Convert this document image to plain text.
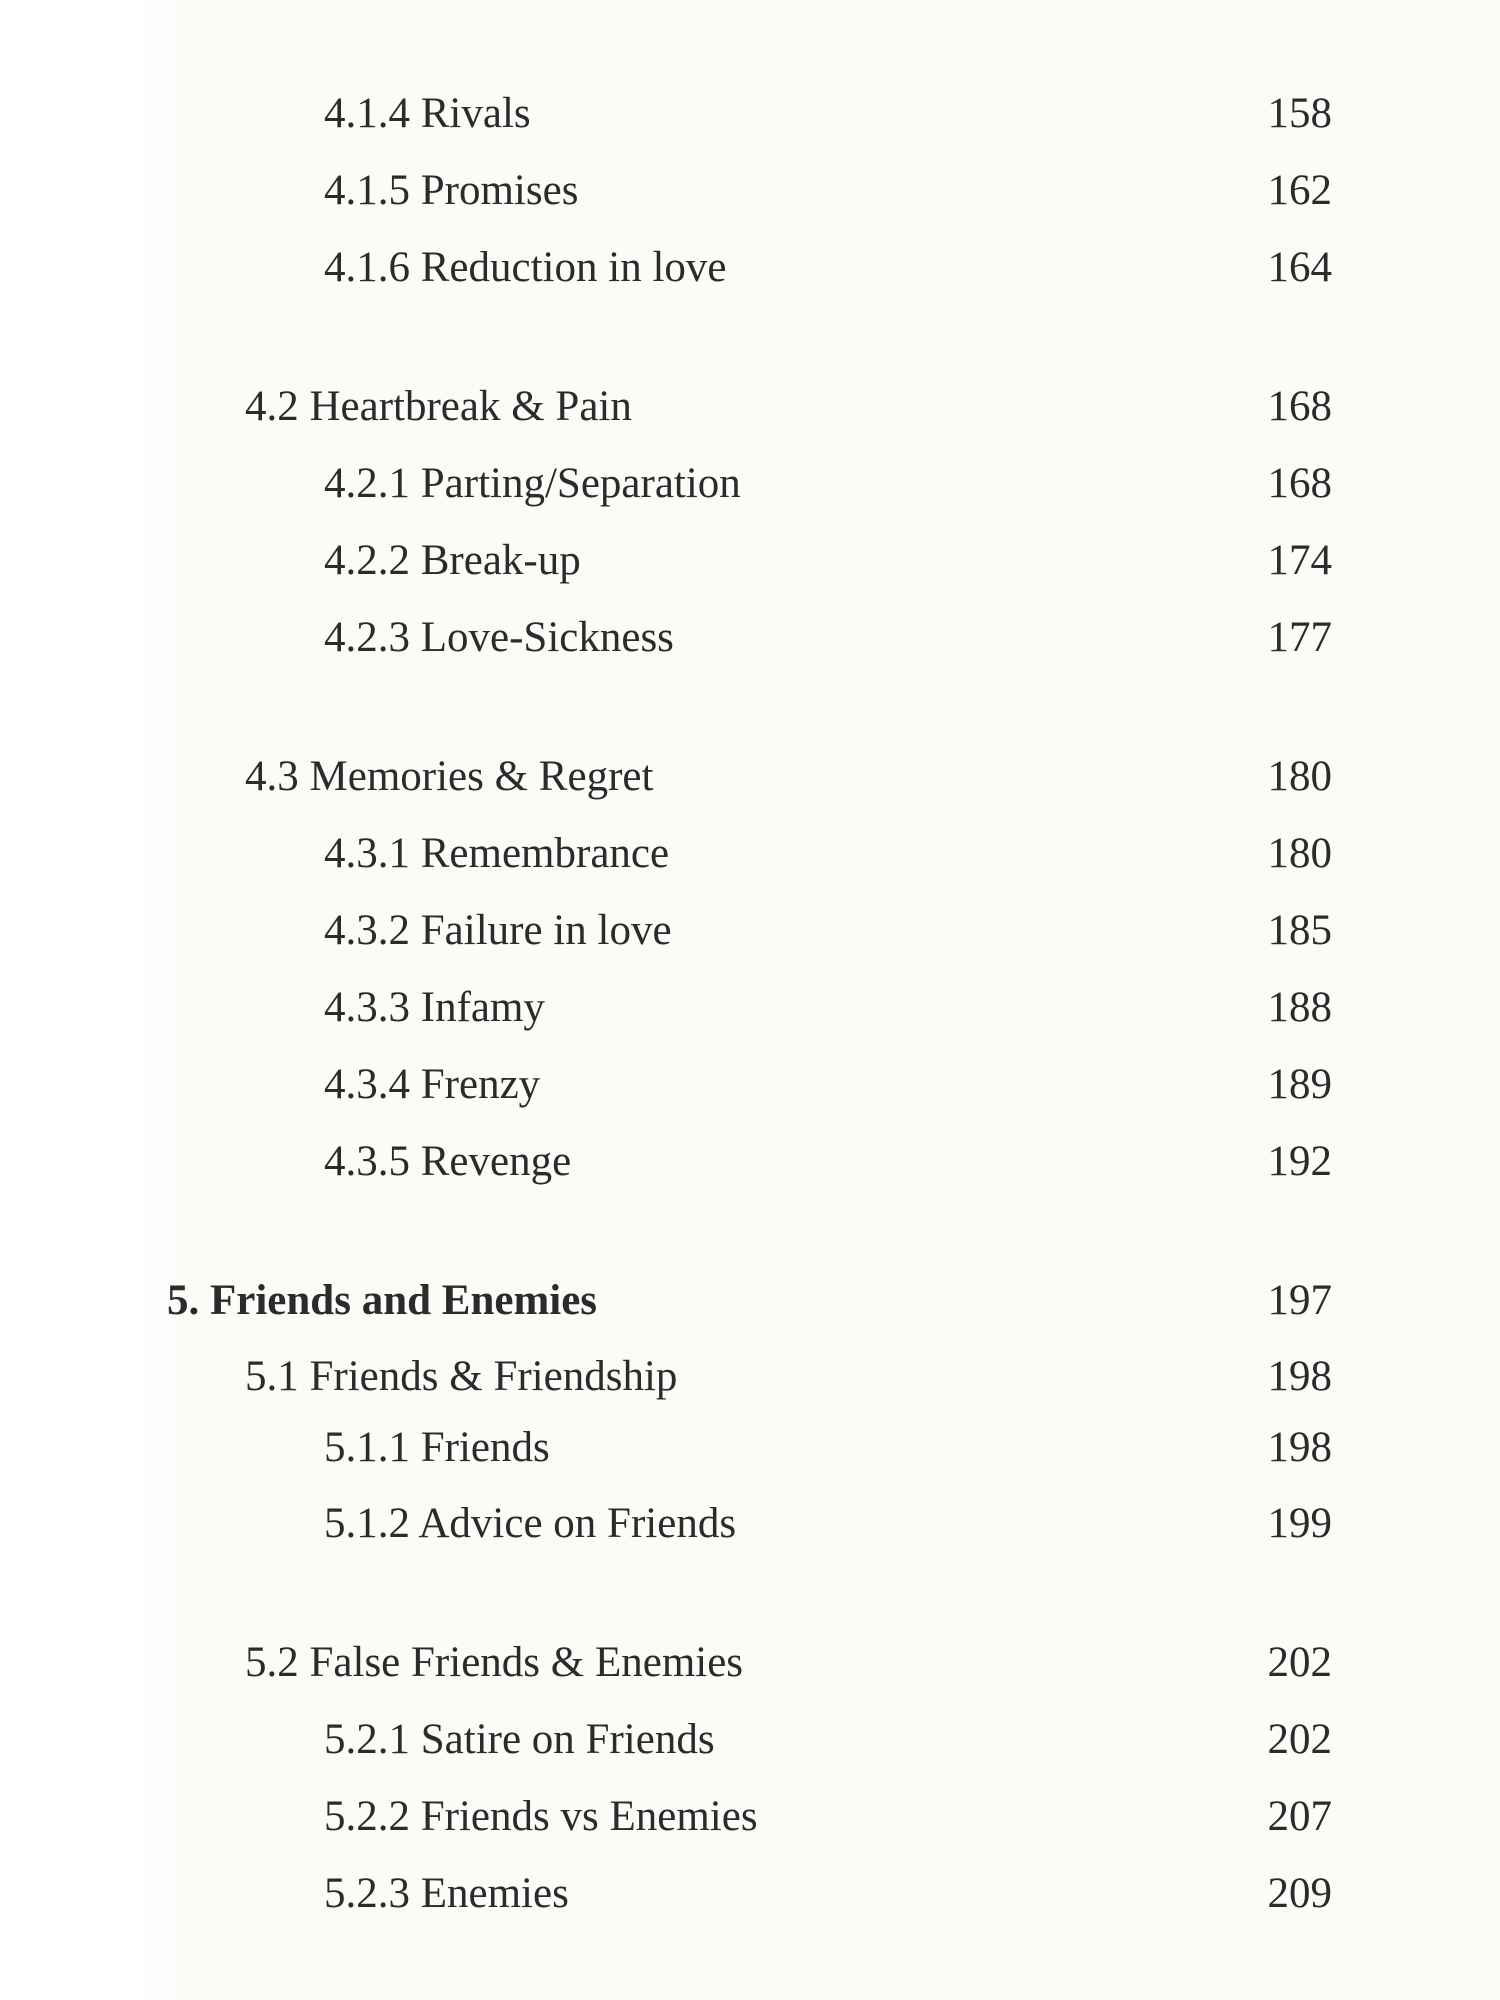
4.1.4 Rivals	158
4.1.5 Promises	162
4.1.6 Reduction in love	164
4.2 Heartbreak & Pain	168
4.2.1 Parting/Separation	168
4.2.2 Break-up	174
4.2.3 Love-Sickness	177
4.3 Memories & Regret	180
4.3.1 Remembrance	180
4.3.2 Failure in love	185
4.3.3 Infamy	188
4.3.4 Frenzy	189
4.3.5 Revenge	192
5. Friends and Enemies	197
5.1 Friends & Friendship	198
5.1.1 Friends	198
5.1.2 Advice on Friends	199
5.2 False Friends & Enemies	202
5.2.1 Satire on Friends	202
5.2.2 Friends vs Enemies	207
5.2.3 Enemies	209
